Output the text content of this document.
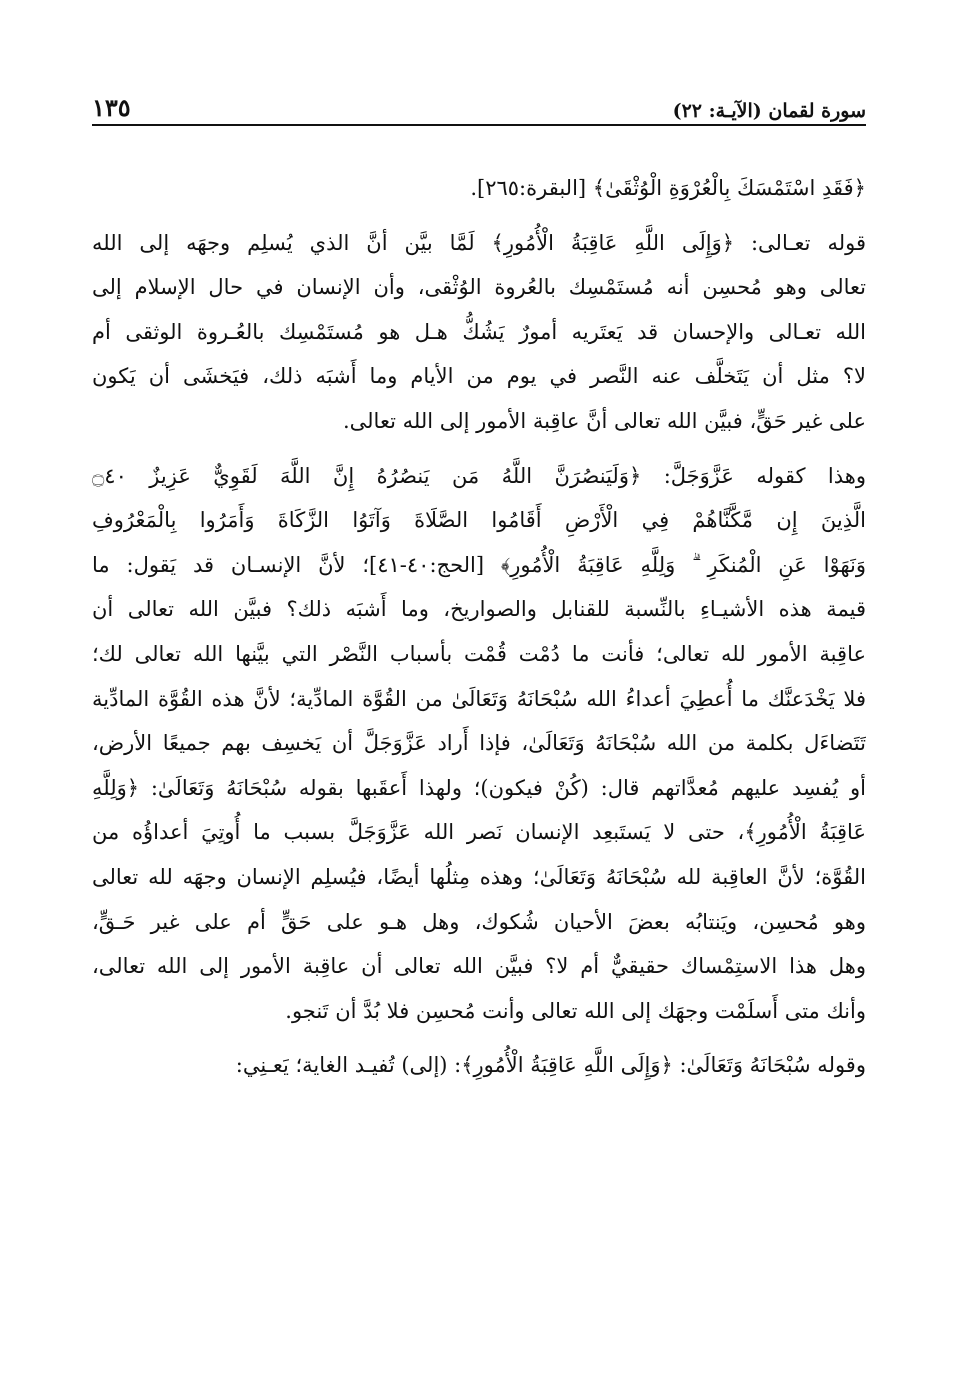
سورة لقمان (الآيـة: ٢٢)
١٣٥
﴿فَقَدِ اسْتَمْسَكَ بِالْعُرْوَةِ الْوُثْقَىٰ﴾ [البقرة:٢٦٥].
قوله تعـالى: ﴿وَإِلَى اللَّهِ عَاقِبَةُ الْأُمُورِ﴾ لَمَّا بيَّن أنَّ الذي يُسلِم وجهَه إلى الله
تعالى وهو مُحسِن أنه مُستَمْسِك بالعُروة الوُثْقى، وأن الإنسان في حال الإسلام إلى
الله تعـالى والإحسان قد يَعتَريه أمورٌ يَشُكُّ هـل هو مُستَمْسِك بالعُـروة الوثقى أم
لا؟ مثل أن يَتَخلَّف عنه النَّصر في يوم من الأيام وما أَشبَه ذلك، فيَخشَى أن يَكون
على غير حَقٍّ، فبيَّن الله تعالى أنَّ عاقِبة الأمور إلى الله تعالى.
وهذا كقوله عَزَّوَجَلَّ: ﴿وَلَيَنصُرَنَّ اللَّهُ مَن يَنصُرُهُ إِنَّ اللَّهَ لَقَوِيٌّ عَزِيزٌ ۝٤٠
الَّذِينَ إِن مَّكَّنَّاهُمْ فِي الْأَرْضِ أَقَامُوا الصَّلَاةَ وَآتَوُا الزَّكَاةَ وَأَمَرُوا بِالْمَعْرُوفِ
وَنَهَوْا عَنِ الْمُنكَرِ ۗ وَلِلَّهِ عَاقِبَةُ الْأُمُورِ﴾ [الحج:٤٠-٤١]؛ لأنَّ الإنسـان قد يَقول: ما
قيمة هذه الأشيـاءِ بالنِّسبة للقنابل والصواريخ، وما أَشبَه ذلك؟ فبيَّن الله تعالى أن
عاقِبة الأمور لله تعالى؛ فأنت ما دُمْت قُمْت بأسباب النَّصْر التي بيَّنها الله تعالى لك؛
فلا يَخْدَعنَّك ما أُعطِيَ أعداءُ الله سُبْحَانَهُ وَتَعَالَىٰ من القُوَّة المادِّية؛ لأنَّ هذه القُوَّة المادِّية
تَتَضاءَل بكلمة من الله سُبْحَانَهُ وَتَعَالَىٰ، فإذا أَراد عَزَّوَجَلَّ أن يَخسِف بهم جميعًا الأرض،
أو يُفسِد عليهم مُعدَّاتهم قال: (كُنْ فيكون)؛ ولهذا أَعقَبها بقوله سُبْحَانَهُ وَتَعَالَىٰ: ﴿وَلِلَّهِ
عَاقِبَةُ الْأُمُورِ﴾، حتى لا يَستَبعِد الإنسان نَصر الله عَزَّوَجَلَّ بسبب ما أُوتِيَ أعداؤُه من
القُوَّة؛ لأنَّ العاقِبة لله سُبْحَانَهُ وَتَعَالَىٰ؛ وهذه مِثلُها أيضًا، فيُسلِم الإنسان وجهَه لله تعالى
وهو مُحسِن، ويَنتابُه بعضَ الأحيان شُكوك، وهل هـو على حَقٍّ أم على غير حَـقٍّ،
وهل هذا الاستِمْساك حقيقيٌّ أم لا؟ فبيَّن الله تعالى أن عاقِبة الأمور إلى الله تعالى،
وأنك متى أَسلَمْت وجهَك إلى الله تعالى وأنت مُحسِن فلا بُدَّ أن تَنجو.
وقوله سُبْحَانَهُ وَتَعَالَىٰ: ﴿وَإِلَى اللَّهِ عَاقِبَةُ الْأُمُورِ﴾: (إلى) تُفيـد الغاية؛ يَعـنِي:
